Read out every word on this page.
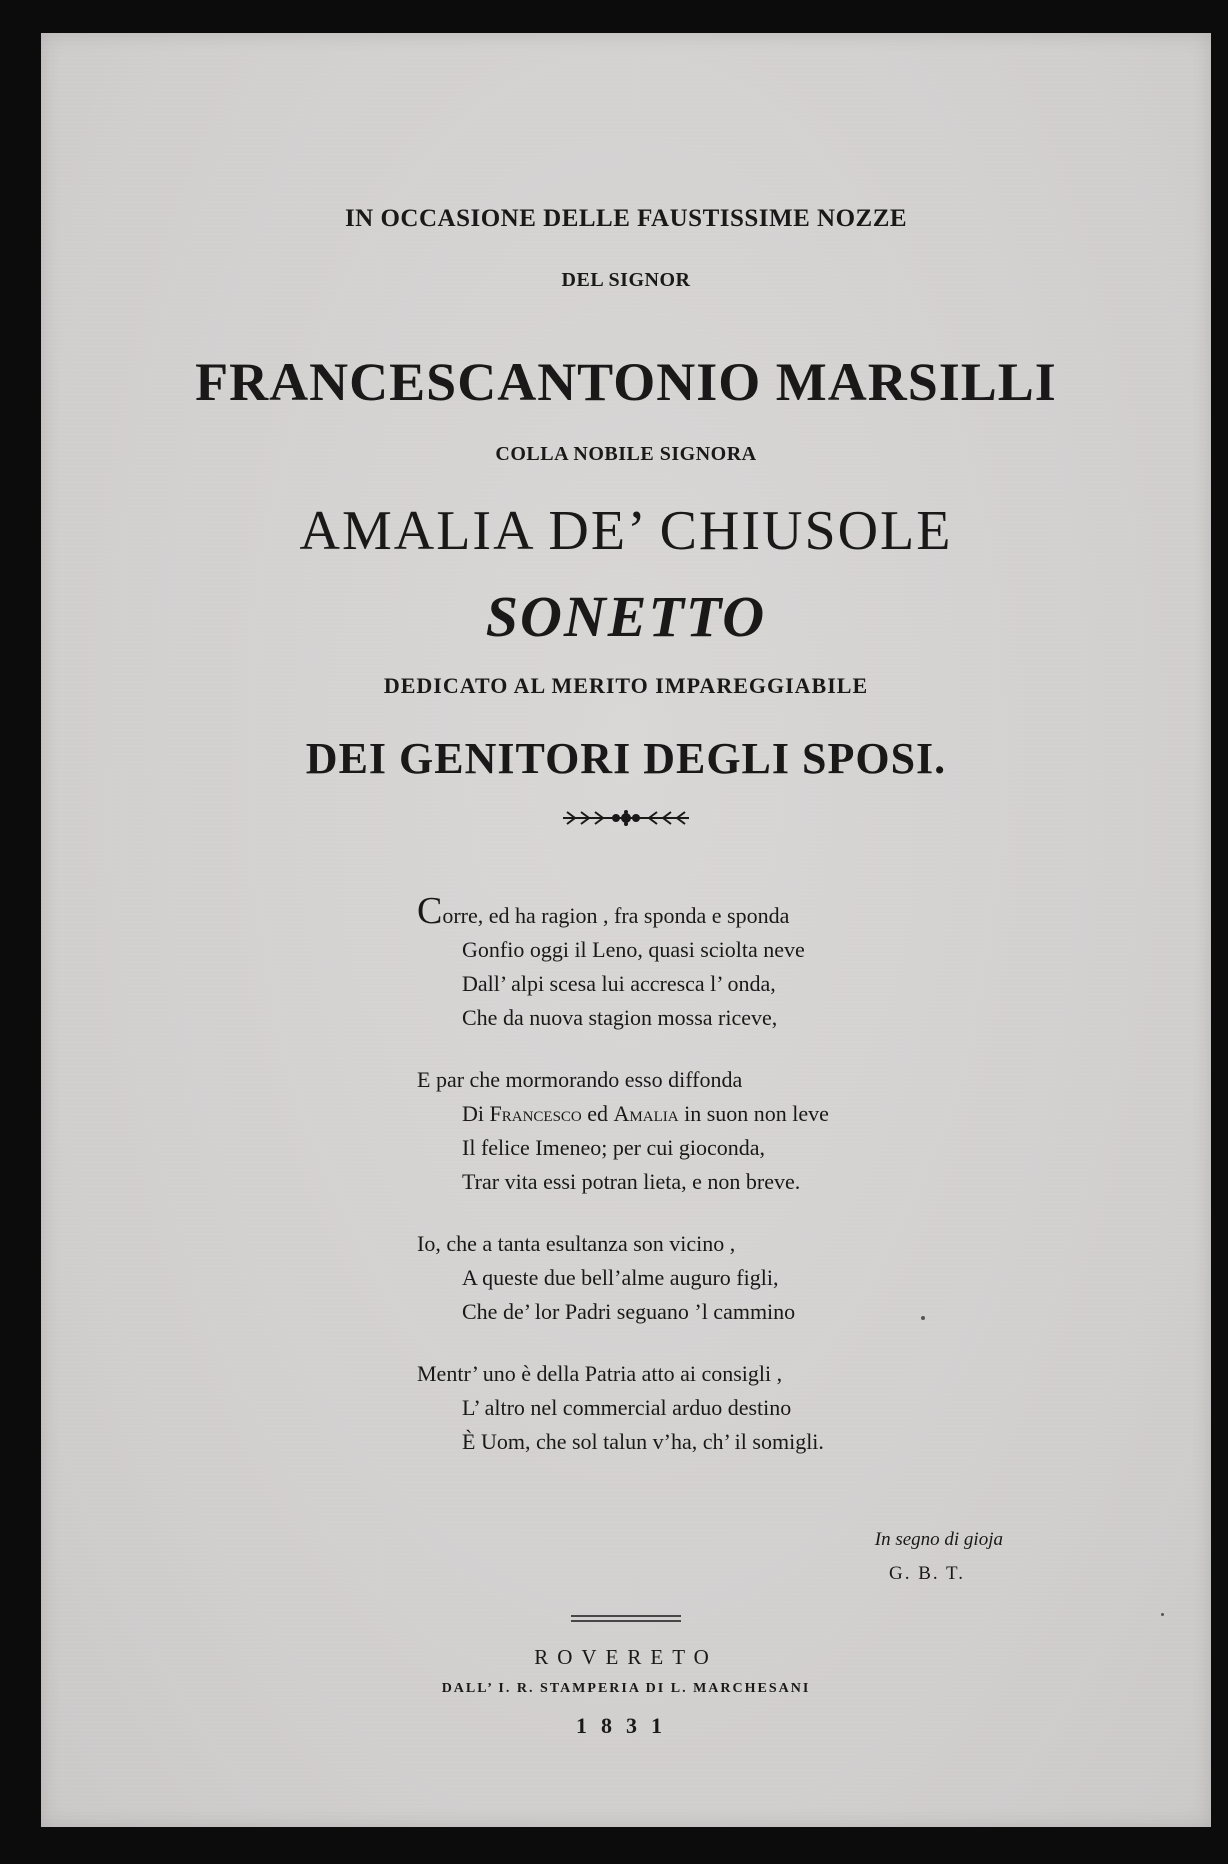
IN OCCASIONE DELLE FAUSTISSIME NOZZE
DEL SIGNOR
FRANCESCANTONIO MARSILLI
COLLA NOBILE SIGNORA
AMALIA DE’ CHIUSOLE
SONETTO
DEDICATO AL MERITO IMPAREGGIABILE
DEI GENITORI DEGLI SPOSI.
Corre, ed ha ragion , fra sponda e sponda
Gonfio oggi il Leno, quasi sciolta neve
Dall’ alpi scesa lui accresca l’ onda,
Che da nuova stagion mossa riceve,
E par che mormorando esso diffonda
Di Francesco ed Amalia in suon non leve
Il felice Imeneo; per cui gioconda,
Trar vita essi potran lieta, e non breve.
Io, che a tanta esultanza son vicino ,
A queste due bell’alme auguro figli,
Che de’ lor Padri seguano ’l cammino
Mentr’ uno è della Patria atto ai consigli ,
L’ altro nel commercial arduo destino
È Uom, che sol talun v’ha, ch’ il somigli.
In segno di gioja
G. B. T.
ROVERETO
DALL’ I. R. STAMPERIA DI L. MARCHESANI
1831
